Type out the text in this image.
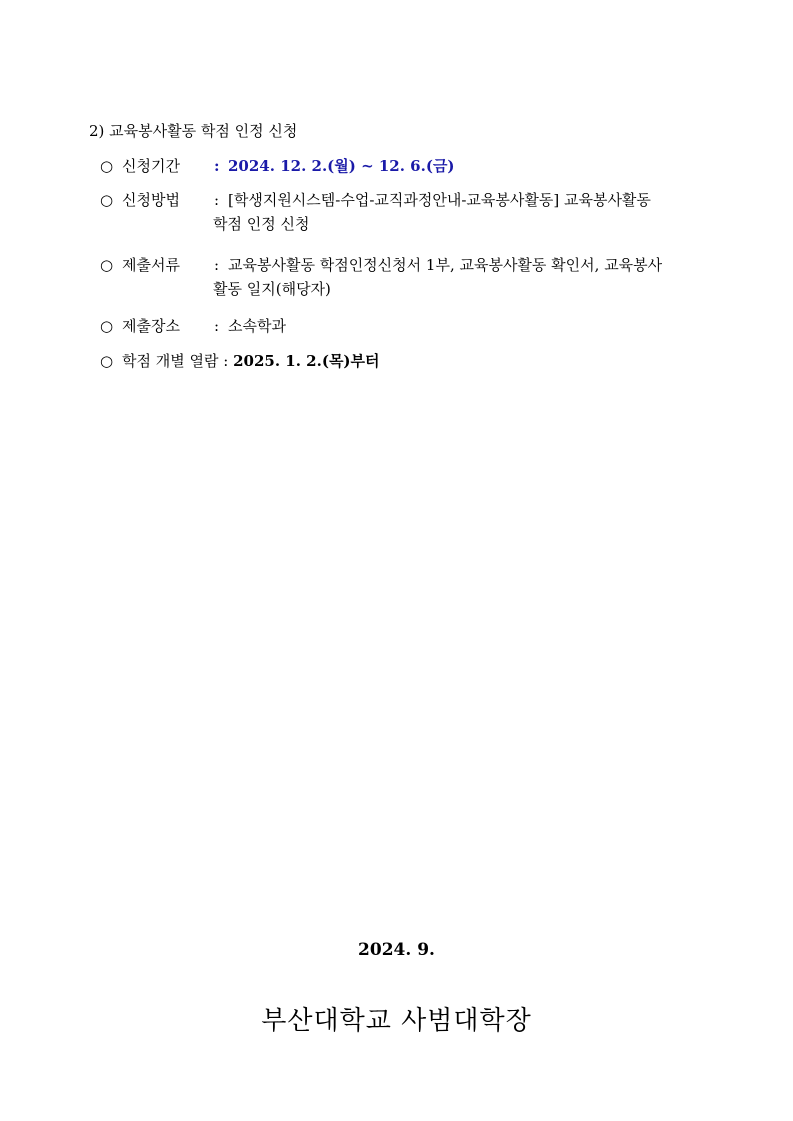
2) 교육봉사활동 학점 인정 신청
○ 신청기간 : 2024. 12. 2.(월) ~ 12. 6.(금)
○ 신청방법 : [학생지원시스템-수업-교직과정안내-교육봉사활동] 교육봉사활동
학점 인정 신청
○ 제출서류 : 교육봉사활동 학점인정신청서 1부, 교육봉사활동 확인서, 교육봉사
활동 일지(해당자)
○ 제출장소 : 소속학과
○ 학점 개별 열람 : 2025. 1. 2.(목)부터
2024. 9.
부산대학교 사범대학장
